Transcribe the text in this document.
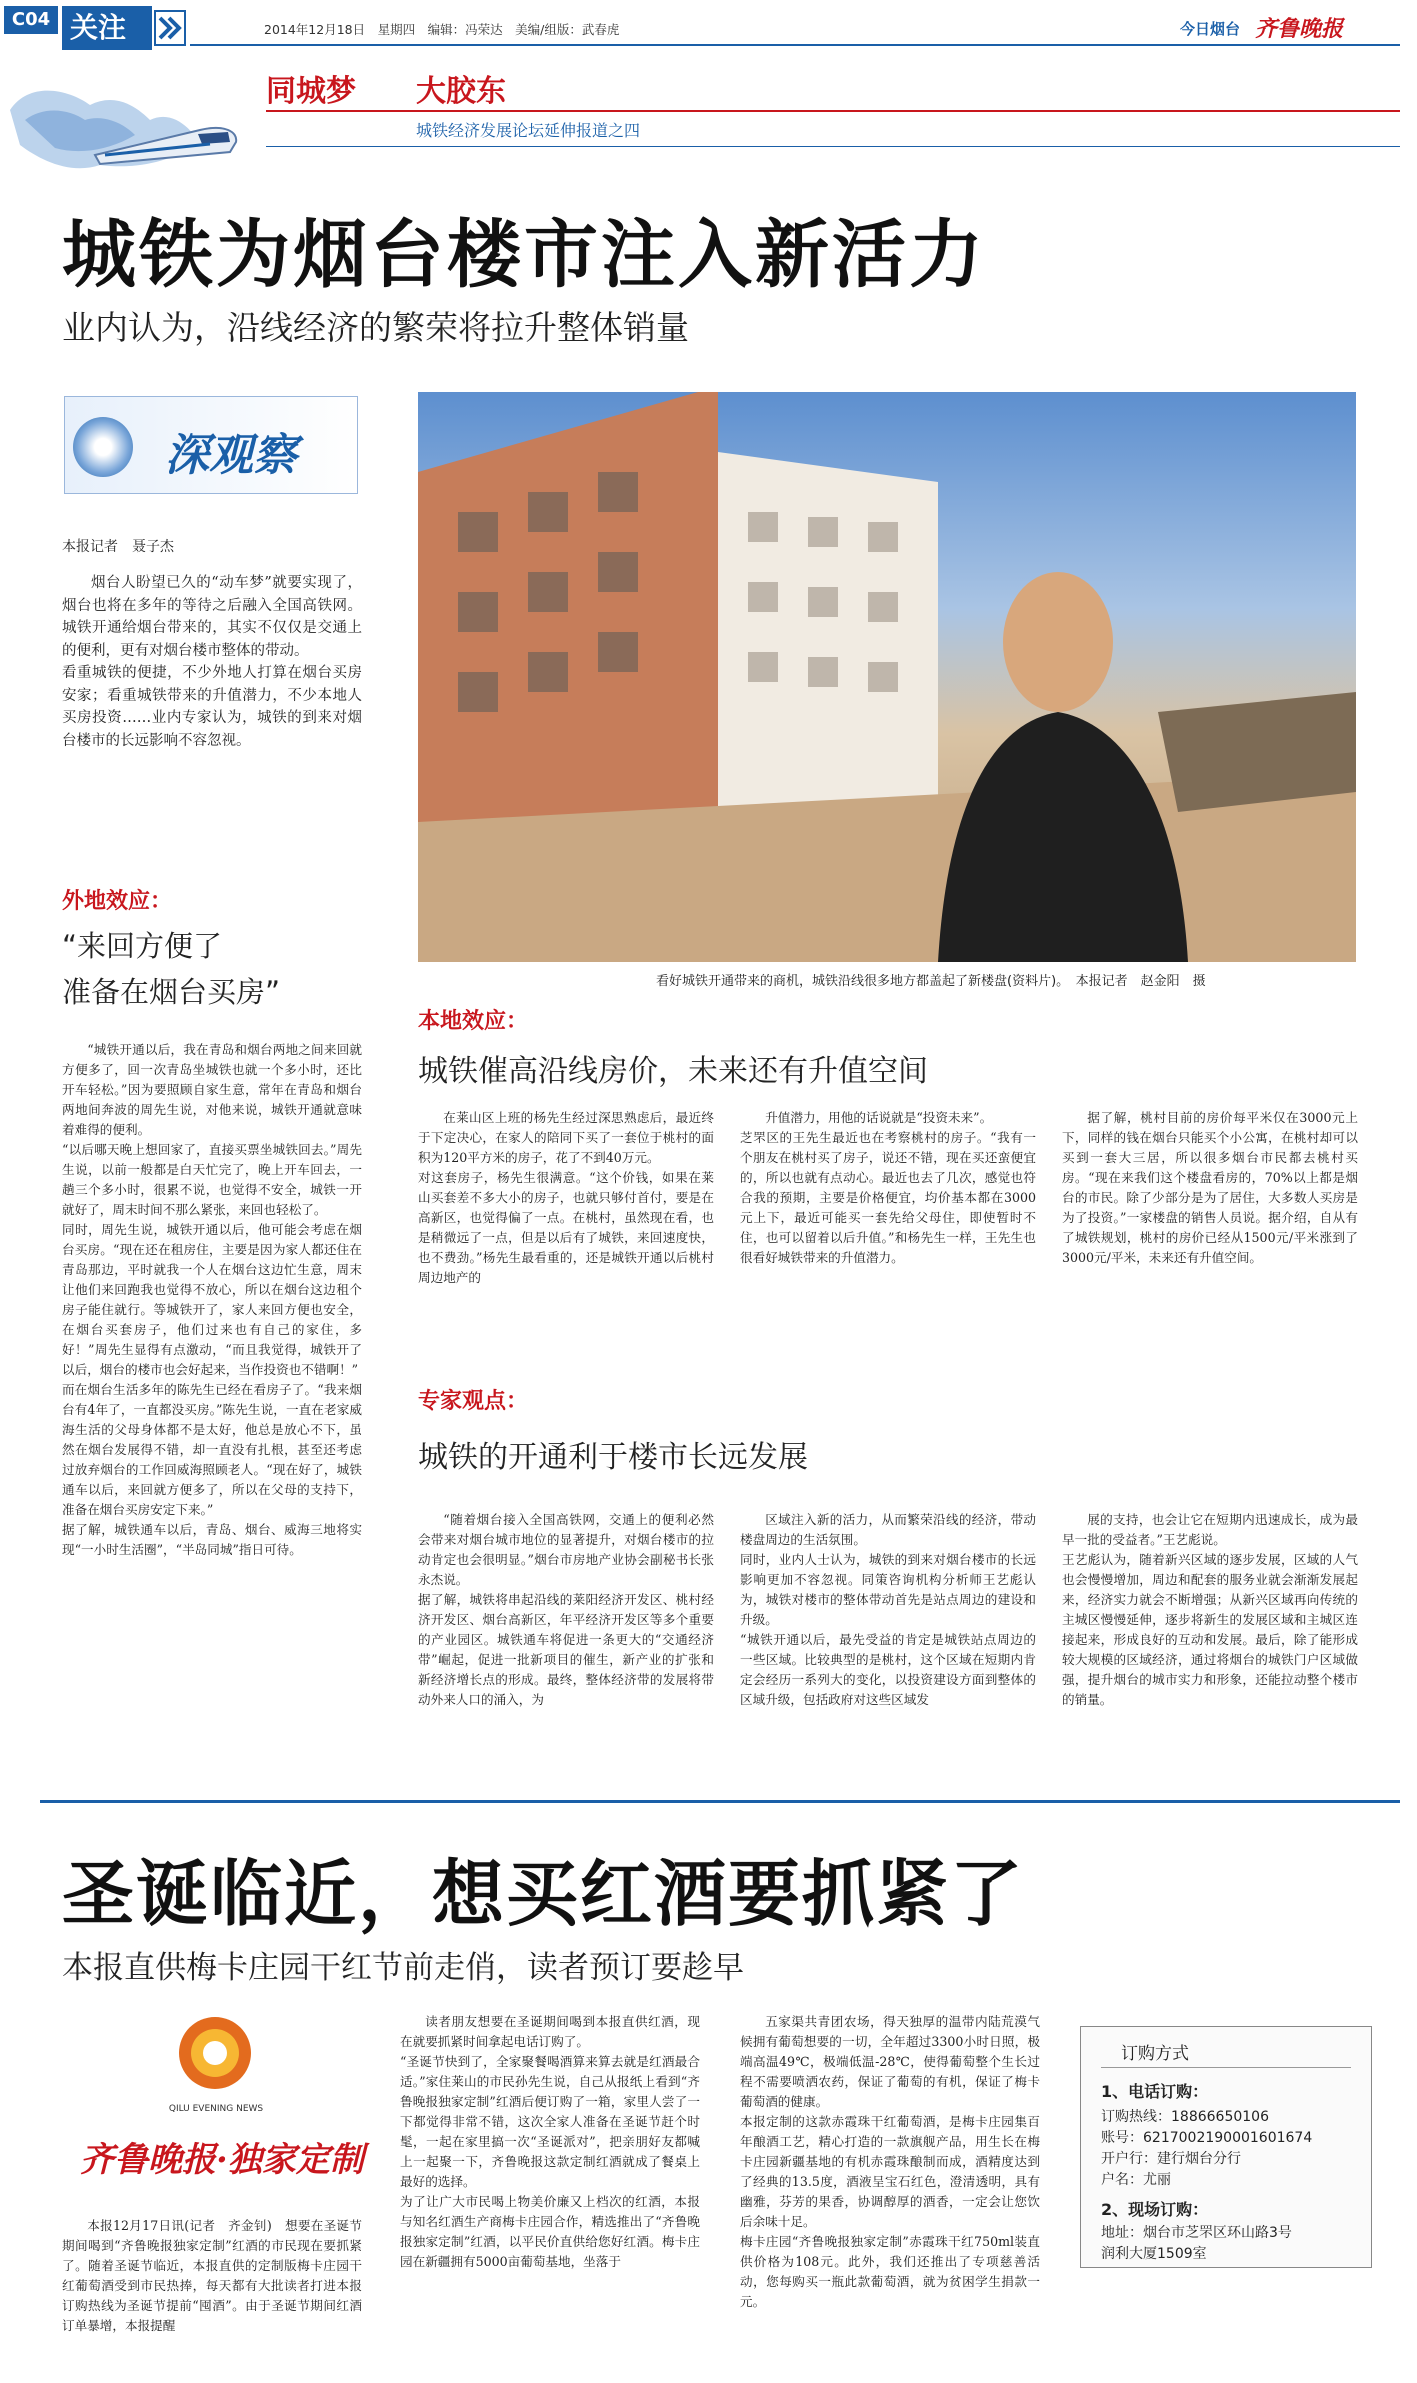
C04 关注	2014年12月18日　星期四　编辑：冯荣达　美编/组版：武春虎	今日烟台 齐鲁晚报
同城梦 大胶东
城铁经济发展论坛延伸报道之四
城铁为烟台楼市注入新活力
业内认为，沿线经济的繁荣将拉升整体销量
深观察
本报记者　聂子杰
烟台人盼望已久的“动车梦”就要实现了，烟台也将在多年的等待之后融入全国高铁网。城铁开通给烟台带来的，其实不仅仅是交通上的便利，更有对烟台楼市整体的带动。
看重城铁的便捷，不少外地人打算在烟台买房安家；看重城铁带来的升值潜力，不少本地人买房投资……业内专家认为，城铁的到来对烟台楼市的长远影响不容忽视。
看好城铁开通带来的商机，城铁沿线很多地方都盖起了新楼盘(资料片)。　本报记者　赵金阳　摄
外地效应：
“来回方便了
准备在烟台买房”
“城铁开通以后，我在青岛和烟台两地之间来回就方便多了，回一次青岛坐城铁也就一个多小时，还比开车轻松。”因为要照顾自家生意，常年在青岛和烟台两地间奔波的周先生说，对他来说，城铁开通就意味着难得的便利。
“以后哪天晚上想回家了，直接买票坐城铁回去。”周先生说，以前一般都是白天忙完了，晚上开车回去，一趟三个多小时，很累不说，也觉得不安全，城铁一开就好了，周末时间不那么紧张，来回也轻松了。
同时，周先生说，城铁开通以后，他可能会考虑在烟台买房。“现在还在租房住，主要是因为家人都还住在青岛那边，平时就我一个人在烟台这边忙生意，周末让他们来回跑我也觉得不放心，所以在烟台这边租个房子能住就行。等城铁开了，家人来回方便也安全，在烟台买套房子，他们过来也有自己的家住，多好！”周先生显得有点激动，“而且我觉得，城铁开了以后，烟台的楼市也会好起来，当作投资也不错啊！”
而在烟台生活多年的陈先生已经在看房子了。“我来烟台有4年了，一直都没买房。”陈先生说，一直在老家威海生活的父母身体都不是太好，他总是放心不下，虽然在烟台发展得不错，却一直没有扎根，甚至还考虑过放弃烟台的工作回威海照顾老人。“现在好了，城铁通车以后，来回就方便多了，所以在父母的支持下，准备在烟台买房安定下来。”
据了解，城铁通车以后，青岛、烟台、威海三地将实现“一小时生活圈”，“半岛同城”指日可待。
本地效应：
城铁催高沿线房价，未来还有升值空间
在莱山区上班的杨先生经过深思熟虑后，最近终于下定决心，在家人的陪同下买了一套位于桃村的面积为120平方米的房子，花了不到40万元。
对这套房子，杨先生很满意。“这个价钱，如果在莱山买套差不多大小的房子，也就只够付首付，要是在高新区，也觉得偏了一点。在桃村，虽然现在看，也是稍微远了一点，但是以后有了城铁，来回速度快，也不费劲。”杨先生最看重的，还是城铁开通以后桃村周边地产的
升值潜力，用他的话说就是“投资未来”。
芝罘区的王先生最近也在考察桃村的房子。“我有一个朋友在桃村买了房子，说还不错，现在买还蛮便宜的，所以也就有点动心。最近也去了几次，感觉也符合我的预期，主要是价格便宜，均价基本都在3000元上下，最近可能买一套先给父母住，即使暂时不住，也可以留着以后升值。”和杨先生一样，王先生也很看好城铁带来的升值潜力。
据了解，桃村目前的房价每平米仅在3000元上下，同样的钱在烟台只能买个小公寓，在桃村却可以买到一套大三居，所以很多烟台市民都去桃村买房。“现在来我们这个楼盘看房的，70%以上都是烟台的市民。除了少部分是为了居住，大多数人买房是为了投资。”一家楼盘的销售人员说。据介绍，自从有了城铁规划，桃村的房价已经从1500元/平米涨到了3000元/平米，未来还有升值空间。
专家观点：
城铁的开通利于楼市长远发展
“随着烟台接入全国高铁网，交通上的便利必然会带来对烟台城市地位的显著提升，对烟台楼市的拉动肯定也会很明显。”烟台市房地产业协会副秘书长张永杰说。
据了解，城铁将串起沿线的莱阳经济开发区、桃村经济开发区、烟台高新区，年平经济开发区等多个重要的产业园区。城铁通车将促进一条更大的“交通经济带”崛起，促进一批新项目的催生，新产业的扩张和新经济增长点的形成。最终，整体经济带的发展将带动外来人口的涌入，为
区域注入新的活力，从而繁荣沿线的经济，带动楼盘周边的生活氛围。
同时，业内人士认为，城铁的到来对烟台楼市的长远影响更加不容忽视。同策咨询机构分析师王艺彪认为，城铁对楼市的整体带动首先是站点周边的建设和升级。
“城铁开通以后，最先受益的肯定是城铁站点周边的一些区域。比较典型的是桃村，这个区域在短期内肯定会经历一系列大的变化，以投资建设方面到整体的区域升级，包括政府对这些区域发
展的支持，也会让它在短期内迅速成长，成为最早一批的受益者。”王艺彪说。
王艺彪认为，随着新兴区域的逐步发展，区域的人气也会慢慢增加，周边和配套的服务业就会渐渐发展起来，经济实力就会不断增强；从新兴区域再向传统的主城区慢慢延伸，逐步将新生的发展区域和主城区连接起来，形成良好的互动和发展。最后，除了能形成较大规模的区域经济，通过将烟台的城铁门户区域做强，提升烟台的城市实力和形象，还能拉动整个楼市的销量。
圣诞临近，想买红酒要抓紧了
本报直供梅卡庄园干红节前走俏，读者预订要趁早
QILU EVENING NEWS
齐鲁晚报·独家定制
本报12月17日讯(记者　齐金钊)　想要在圣诞节期间喝到“齐鲁晚报独家定制”红酒的市民现在要抓紧了。随着圣诞节临近，本报直供的定制版梅卡庄园干红葡萄酒受到市民热捧，每天都有大批读者打进本报订购热线为圣诞节提前“囤酒”。由于圣诞节期间红酒订单暴增，本报提醒
读者朋友想要在圣诞期间喝到本报直供红酒，现在就要抓紧时间拿起电话订购了。
“圣诞节快到了，全家聚餐喝酒算来算去就是红酒最合适。”家住莱山的市民孙先生说，自己从报纸上看到“齐鲁晚报独家定制”红酒后便订购了一箱，家里人尝了一下都觉得非常不错，这次全家人准备在圣诞节赶个时髦，一起在家里搞一次“圣诞派对”，把亲朋好友都喊上一起聚一下，齐鲁晚报这款定制红酒就成了餐桌上最好的选择。
为了让广大市民喝上物美价廉又上档次的红酒，本报与知名红酒生产商梅卡庄园合作，精选推出了“齐鲁晚报独家定制”红酒，以平民价直供给您好红酒。梅卡庄园在新疆拥有5000亩葡萄基地，坐落于
五家渠共青团农场，得天独厚的温带内陆荒漠气候拥有葡萄想要的一切，全年超过3300小时日照，极端高温49℃，极端低温-28℃，使得葡萄整个生长过程不需要喷洒农药，保证了葡萄的有机，保证了梅卡葡萄酒的健康。
本报定制的这款赤霞珠干红葡萄酒，是梅卡庄园集百年酿酒工艺，精心打造的一款旗舰产品，用生长在梅卡庄园新疆基地的有机赤霞珠酿制而成，酒精度达到了经典的13.5度，酒液呈宝石红色，澄清透明，具有幽雅，芬芳的果香，协调醇厚的酒香，一定会让您饮后余味十足。
梅卡庄园“齐鲁晚报独家定制”赤霞珠干红750ml装直供价格为108元。此外，我们还推出了专项慈善活动，您每购买一瓶此款葡萄酒，就为贫困学生捐款一元。
订购方式
1、电话订购：
订购热线：18866650106
账号：6217002190001601674
开户行：建行烟台分行
户名：尤丽
2、现场订购：
地址：烟台市芝罘区环山路3号
润利大厦1509室
